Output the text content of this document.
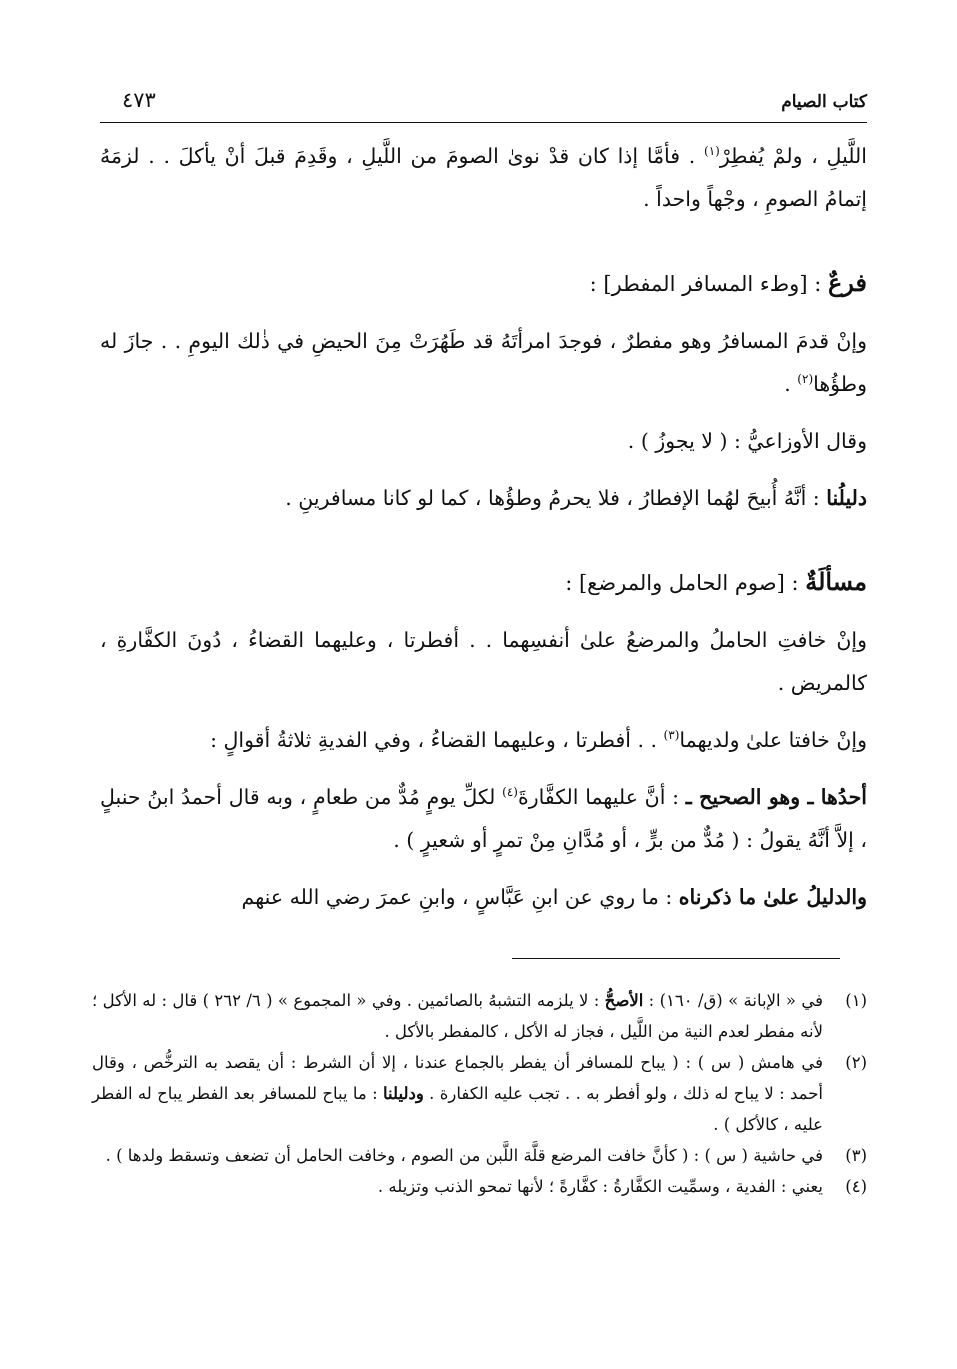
كتاب الصيام
٤٧٣

اللَّيلِ ، ولمْ يُفطِرْ$^{(١)}$ . فأمَّا إذا كان قدْ نوىٰ الصومَ من اللَّيلِ ، وقَدِمَ قبلَ أنْ يأكلَ . . لزمَهُ إتمامُ الصومِ ، وجْهاً واحداً .

فرعٌ : [وطء المسافر المفطر] :

وإنْ قدمَ المسافرُ وهو مفطرٌ ، فوجدَ امرأتَهُ قد طَهُرَتْ مِنَ الحيضِ في ذٰلك اليومِ . . جازَ له وطؤُها$^{(٢)}$ .

وقال الأوزاعيُّ : ( لا يجوزُ ) .

دليلُنا : أنَّهُ أُبيحَ لهُما الإفطارُ ، فلا يحرمُ وطؤُها ، كما لو كانا مسافرينِ .

مسألَةٌ : [صوم الحامل والمرضع] :

وإنْ خافتِ الحاملُ والمرضعُ علىٰ أنفسِهما . . أفطرتا ، وعليهما القضاءُ ، دُونَ الكفَّارةِ ، كالمريض .

وإنْ خافتا علىٰ ولديهما$^{(٣)}$ . . أفطرتا ، وعليهما القضاءُ ، وفي الفديةِ ثلاثةُ أقوالٍ :

أحدُها ـ وهو الصحيح ـ : أنَّ عليهما الكفَّارةَ$^{(٤)}$ لكلِّ يومٍ مُدٌّ من طعامٍ ، وبه قال أحمدُ ابنُ حنبلٍ ، إلاَّ أنَّهُ يقولُ : ( مُدٌّ من برٍّ ، أو مُدَّانِ مِنْ تمرٍ أو شعيرٍ ) .

والدليلُ علىٰ ما ذكرناه : ما روي عن ابنِ عَبَّاسٍ ، وابنِ عمرَ رضي الله عنهم

(١)
في « الإبانة » (ق/ ١٦٠) : الأصحُّ : لا يلزمه التشبهُ بالصائمين . وفي « المجموع » ( ٦/ ٢٦٢ ) قال : له الأكل ؛ لأنه مفطر لعدم النية من اللَّيل ، فجاز له الأكل ، كالمفطر بالأكل .
(٢)
في هامش ( س ) : ( يباح للمسافر أن يفطر بالجماع عندنا ، إلا أن الشرط : أن يقصد به الترخُّص ، وقال أحمد : لا يباح له ذلك ، ولو أفطر به . . تجب عليه الكفارة . ودليلنا : ما يباح للمسافر بعد الفطر يباح له الفطر عليه ، كالأكل ) .
(٣)
في حاشية ( س ) : ( كأنَّ خافت المرضع قلَّة اللَّبن من الصوم ، وخافت الحامل أن تضعف وتسقط ولدها ) .
(٤)
يعني : الفدية ، وسمِّيت الكفَّارةُ : كفَّارةً ؛ لأنها تمحو الذنب وتزيله .
